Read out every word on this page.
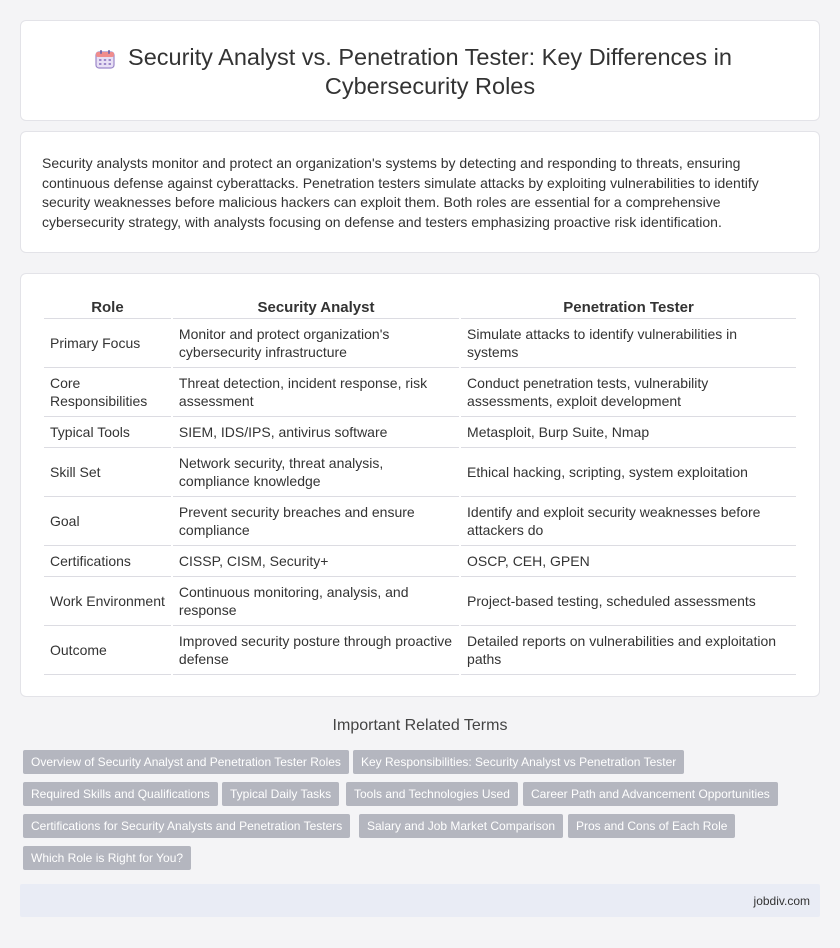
Security Analyst vs. Penetration Tester: Key Differences in Cybersecurity Roles

Security analysts monitor and protect an organization's systems by detecting and responding to threats, ensuring continuous defense against cyberattacks. Penetration testers simulate attacks by exploiting vulnerabilities to identify security weaknesses before malicious hackers can exploit them. Both roles are essential for a comprehensive cybersecurity strategy, with analysts focusing on defense and testers emphasizing proactive risk identification.

Role	Security Analyst	Penetration Tester
Primary Focus	Monitor and protect organization's cybersecurity infrastructure	Simulate attacks to identify vulnerabilities in systems
Core Responsibilities	Threat detection, incident response, risk assessment	Conduct penetration tests, vulnerability assessments, exploit development
Typical Tools	SIEM, IDS/IPS, antivirus software	Metasploit, Burp Suite, Nmap
Skill Set	Network security, threat analysis, compliance knowledge	Ethical hacking, scripting, system exploitation
Goal	Prevent security breaches and ensure compliance	Identify and exploit security weaknesses before attackers do
Certifications	CISSP, CISM, Security+	OSCP, CEH, GPEN
Work Environment	Continuous monitoring, analysis, and response	Project-based testing, scheduled assessments
Outcome	Improved security posture through proactive defense	Detailed reports on vulnerabilities and exploitation paths
Important Related Terms
Overview of Security Analyst and Penetration Tester Roles	Key Responsibilities: Security Analyst vs Penetration Tester
Required Skills and Qualifications	Typical Daily Tasks	Tools and Technologies Used	Career Path and Advancement Opportunities
Certifications for Security Analysts and Penetration Testers	Salary and Job Market Comparison	Pros and Cons of Each Role
Which Role is Right for You?
jobdiv.com
